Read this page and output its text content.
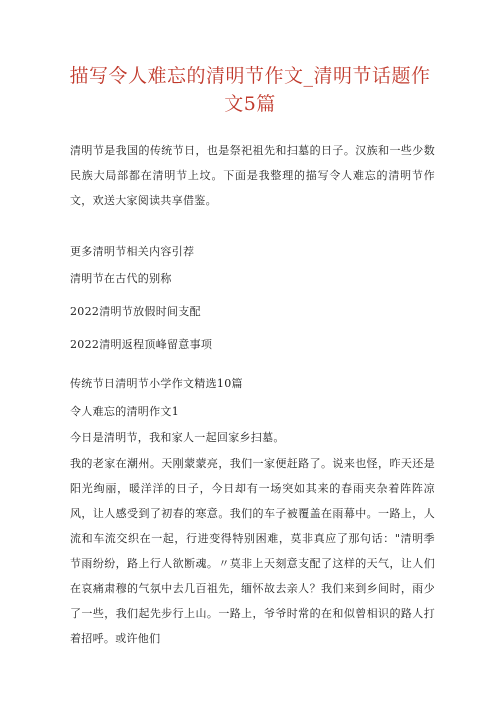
描写令人难忘的清明节作文_清明节话题作
文5篇
清明节是我国的传统节日，也是祭祀祖先和扫墓的日子。汉族和一些少数民族大局部都在清明节上坟。下面是我整理的描写令人难忘的清明节作文，欢送大家阅读共享借鉴。
更多清明节相关内容引荐
清明节在古代的别称
2022清明节放假时间支配
2022清明返程顶峰留意事项
传统节日清明节小学作文精选10篇
令人难忘的清明作文1
今日是清明节，我和家人一起回家乡扫墓。
我的老家在潮州。天刚蒙蒙亮，我们一家便赶路了。说来也怪，昨天还是阳光绚丽，暖洋洋的日子，今日却有一场突如其来的春雨夹杂着阵阵凉风，让人感受到了初春的寒意。我们的车子被覆盖在雨幕中。一路上，人流和车流交织在一起，行进变得特别困难，莫非真应了那句话："清明季节雨纷纷，路上行人欲断魂。〃莫非上天刻意支配了这样的天气，让人们在哀痛肃穆的气氛中去几百祖先，缅怀故去亲人？我们来到乡间时，雨少了一些，我们起先步行上山。一路上，爷爷时常的在和似曾相识的路人打着招呼。或许他们
